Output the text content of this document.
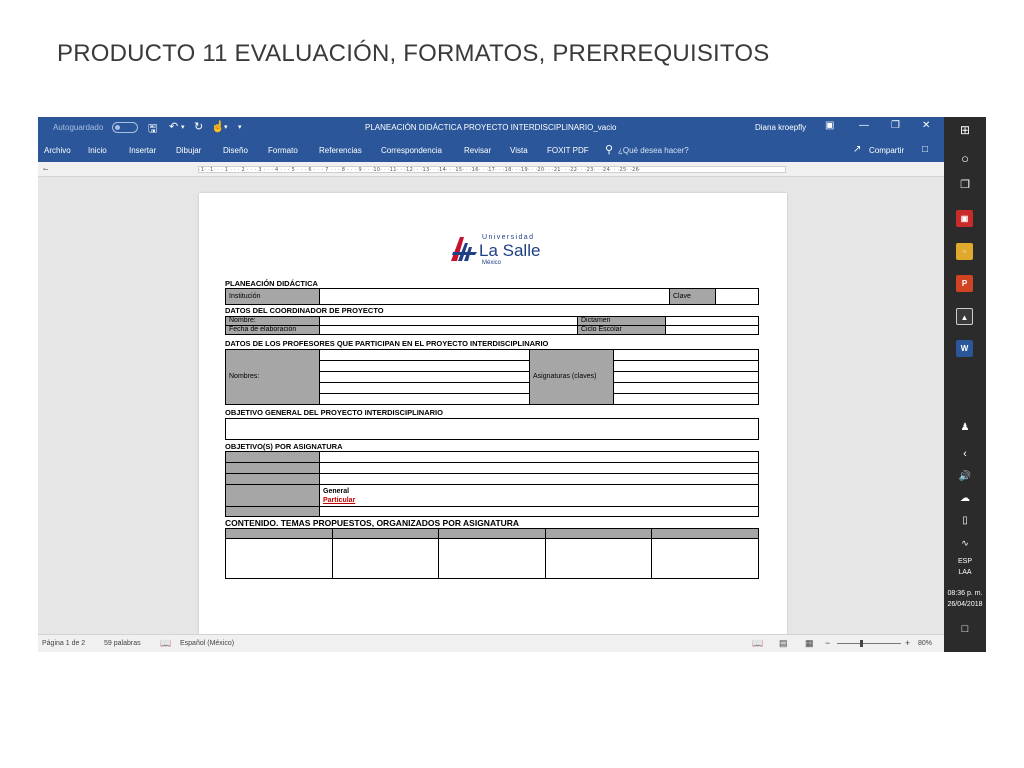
PRODUCTO 11 EVALUACIÓN, FORMATOS, PRERREQUISITOS
Autoguardado	🖫 ↶ ▾ ↻ ☝ ▾ ▾	PLANEACIÓN DIDÁCTICA PROYECTO INTERDISCIPLINARIO_vacio	Diana kroepfly ▣ — ❐ ✕
Archivo Inicio	Insertar Dibujar	Diseño	Formato	Referencias Correspondencia	Revisar Vista FOXIT PDF ⚲ ¿Qué desea hacer?	↗ Compartir □
⌙	·1· ·1· · · 1 · · · 2 · · · 3 · · · 4 · · · 5 · · · 6 · · · 7 · · · 8 · · · 9 · · ·10· · ·11· · ·12· · ·13· · ·14· · ·15· · ·16· · ·17· · ·18· · ·19· · ·20· · ·21· · ·22· · ·23· · ·24· · ·25· ·26·
Universidad
La Salle
México
PLANEACIÓN DIDÁCTICA
Institución		Clave	
DATOS DEL COORDINADOR DE PROYECTO
Nombre:		Dictamen	
Fecha de elaboración		Ciclo Escolar	
DATOS DE LOS PROFESORES QUE PARTICIPAN EN EL PROYECTO INTERDISCIPLINARIO
Nombres:		Asignaturas (claves)	

OBJETIVO GENERAL DEL PROYECTO INTERDISCIPLINARIO
OBJETIVO(S) POR ASIGNATURA

	General
Particular

CONTENIDO. TEMAS PROPUESTOS, ORGANIZADOS POR ASIGNATURA

Página 1 de 2	59 palabras 📖 Español (México)	📖 ▤ ▦ −	+ 80%
⊞
○
❐
▣
▫
P
▲
W
♟
‹
🔊
☁
▯
∿
ESP
LAA
08:36 p. m.
26/04/2018
□
